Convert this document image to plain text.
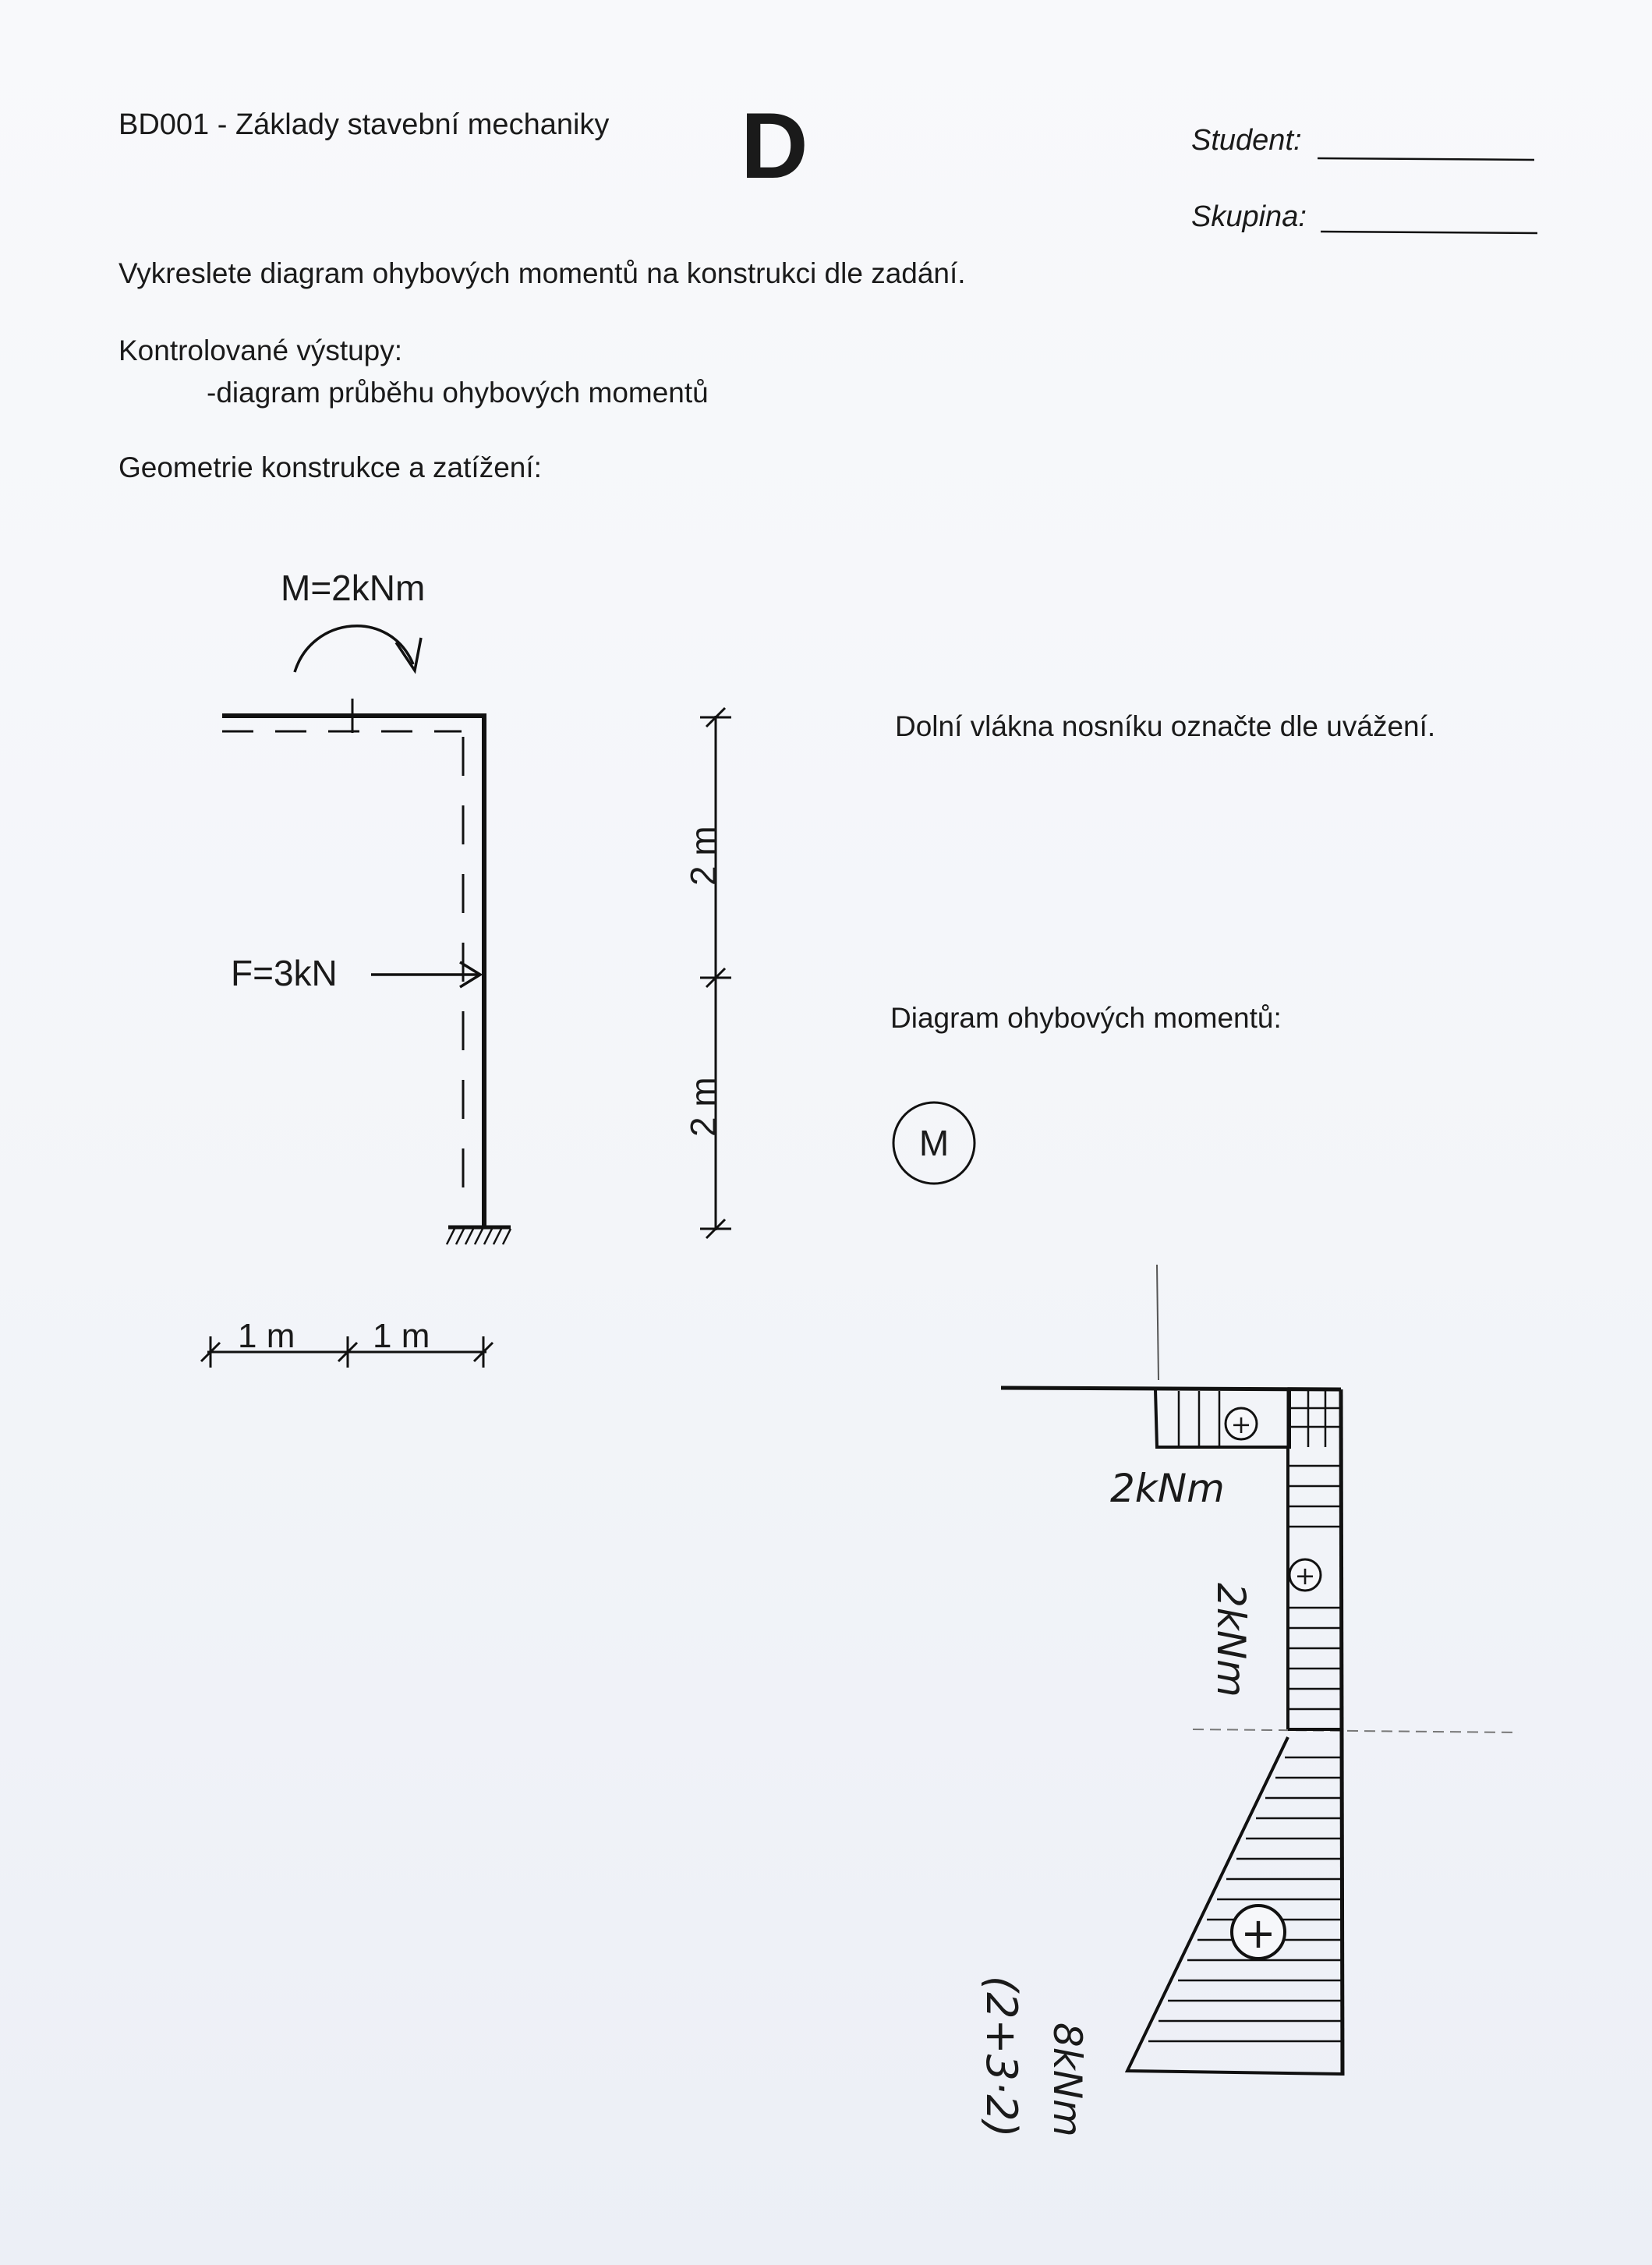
BD001 - Základy stavební mechaniky D	Student:
Skupina:
Vykreslete diagram ohybových momentů na konstrukci dle zadání.
Kontrolované výstupy:
-diagram průběhu ohybových momentů
Geometrie konstrukce a zatížení:
M=2kNm
F=3kN
2 m
2 m
1 m 1 m
Dolní vlákna nosníku označte dle uvážení.
Diagram ohybových momentů:
M
+
+
+
2kNm
2kNm
8kNm
(2+3·2)
